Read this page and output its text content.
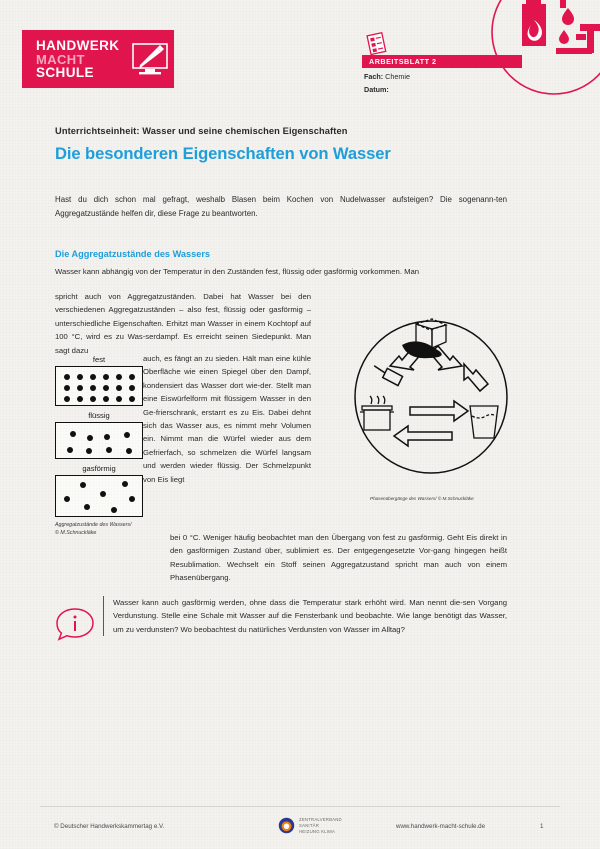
HANDWERK
MACHT
SCHULE
ARBEITSBLATT 2
Fach: Chemie
Datum:
Unterrichtseinheit: Wasser und seine chemischen Eigenschaften
Die besonderen Eigenschaften von Wasser
Hast du dich schon mal gefragt, weshalb Blasen beim Kochen von Nudelwasser aufsteigen? Die sogenann-ten Aggregatzustände helfen dir, diese Frage zu beantworten.
Die Aggregatzustände des Wassers
Wasser kann abhängig von der Temperatur in den Zuständen fest, flüssig oder gasförmig vorkommen. Man
spricht auch von Aggregatzuständen. Dabei hat Wasser bei den verschiedenen Aggregatzuständen – also fest, flüssig oder gasförmig – unterschiedliche Eigenschaften. Erhitzt man Wasser in einem Kochtopf auf 100 °C, wird es zu Was-serdampf. Es erreicht seinen Siedepunkt. Man sagt dazu
auch, es fängt an zu sieden. Hält man eine kühle Oberfläche wie einen Spiegel über den Dampf, kondensiert das Wasser dort wie-der. Stellt man eine Eiswürfelform mit flüssigem Wasser in den Ge-frierschrank, erstarrt es zu Eis. Dabei dehnt sich das Wasser aus, es nimmt mehr Volumen ein. Nimmt man die Würfel wieder aus dem Gefrierfach, so schmelzen die Würfel langsam und werden wieder flüssig. Der Schmelzpunkt von Eis liegt
bei 0 °C. Weniger häufig beobachtet man den Übergang von fest zu gasförmig. Geht Eis direkt in den gasförmigen Zustand über, sublimiert es. Der entgegengesetzte Vor-gang hingegen heißt Resublimation. Wechselt ein Stoff seinen Aggregatzustand spricht man auch von einem Phasenübergang.
fest
flüssig
gasförmig
Aggregatzustände des Wassers/
© M.Schnuckläke
Phasenübergänge des Wassers/ © M.Schnuckläke
Wasser kann auch gasförmig werden, ohne dass die Temperatur stark erhöht wird. Man nennt die-sen Vorgang Verdunstung. Stelle eine Schale mit Wasser auf die Fensterbank und beobachte. Wie lange benötigt das Wasser, um zu verdunsten? Wo beobachtest du natürliches Verdunsten von Wasser im Alltag?
© Deutscher Handwerkskammertag e.V.
ZENTRALVERBAND
SANITÄR
HEIZUNG KLIMA
www.handwerk-macht-schule.de	1
